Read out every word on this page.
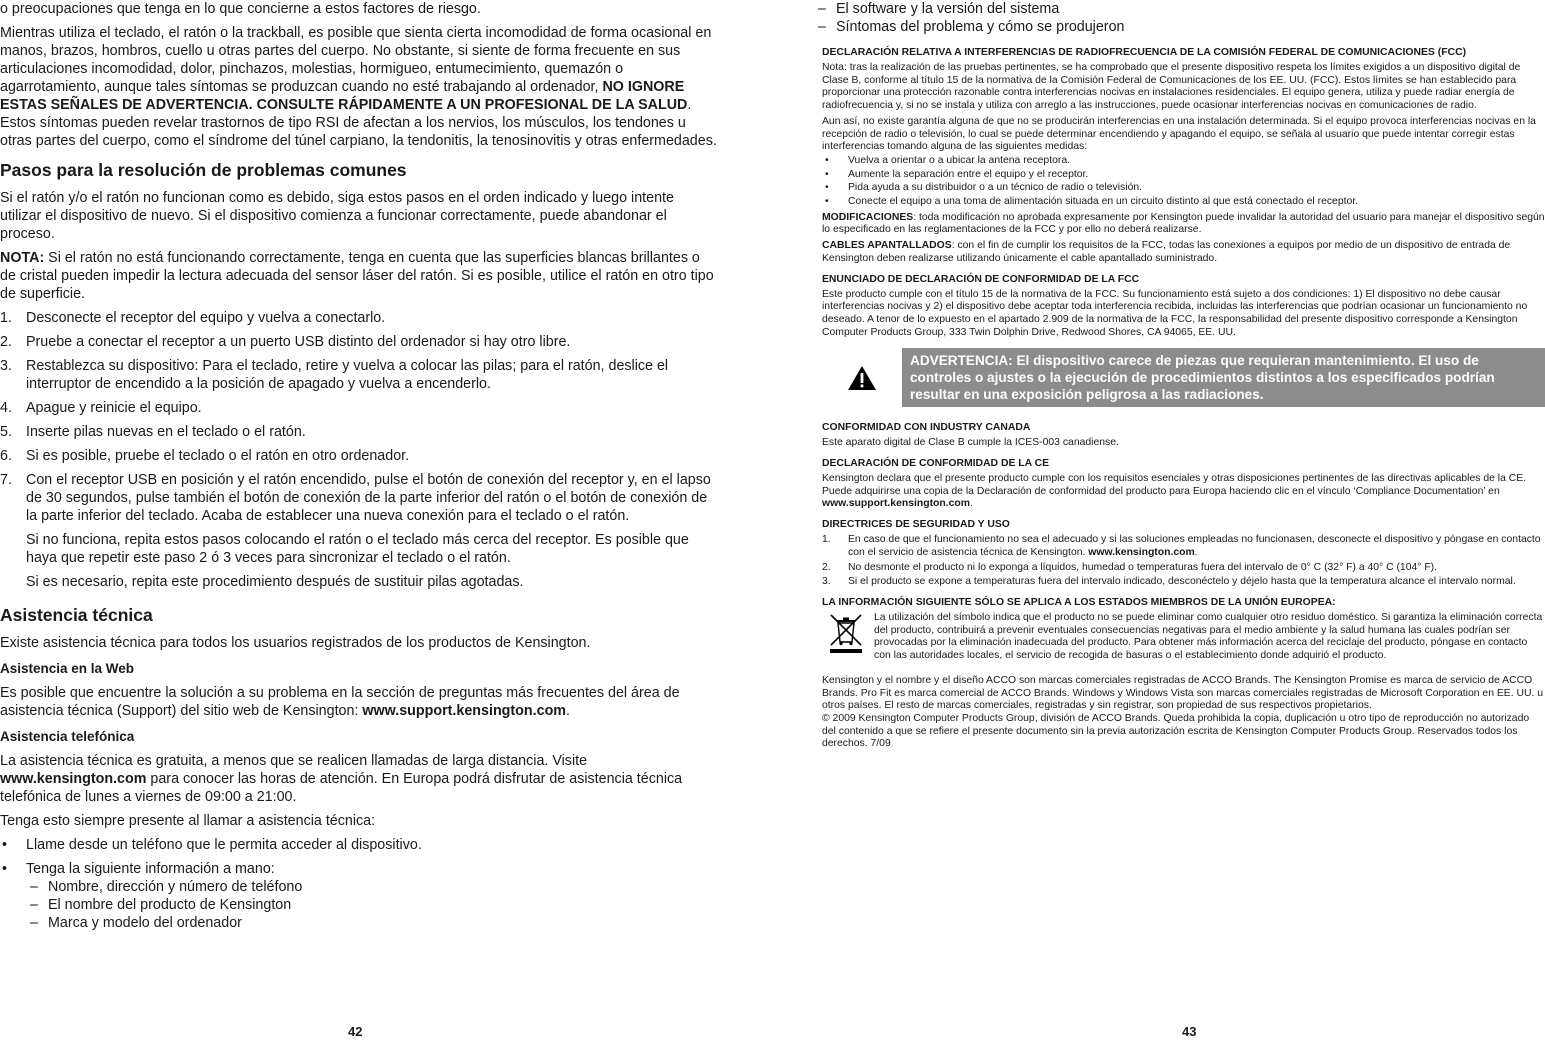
o preocupaciones que tenga en lo que concierne a estos factores de riesgo.

Mientras utiliza el teclado, el ratón o la trackball, es posible que sienta cierta incomodidad de forma ocasional en manos, brazos, hombros, cuello u otras partes del cuerpo. No obstante, si siente de forma frecuente en sus articulaciones incomodidad, dolor, pinchazos, molestias, hormigueo, entumecimiento, quemazón o agarrotamiento, aunque tales síntomas se produzcan cuando no esté trabajando al ordenador, NO IGNORE ESTAS SEÑALES DE ADVERTENCIA. CONSULTE RÁPIDAMENTE A UN PROFESIONAL DE LA SALUD. Estos síntomas pueden revelar trastornos de tipo RSI de afectan a los nervios, los músculos, los tendones u otras partes del cuerpo, como el síndrome del túnel carpiano, la tendonitis, la tenosinovitis y otras enfermedades.

Pasos para la resolución de problemas comunes

Si el ratón y/o el ratón no funcionan como es debido, siga estos pasos en el orden indicado y luego intente utilizar el dispositivo de nuevo. Si el dispositivo comienza a funcionar correctamente, puede abandonar el proceso.

NOTA: Si el ratón no está funcionando correctamente, tenga en cuenta que las superficies blancas brillantes o de cristal pueden impedir la lectura adecuada del sensor láser del ratón. Si es posible, utilice el ratón en otro tipo de superficie.

1. Desconecte el receptor del equipo y vuelva a conectarlo.
2. Pruebe a conectar el receptor a un puerto USB distinto del ordenador si hay otro libre.
3. Restablezca su dispositivo: Para el teclado, retire y vuelva a colocar las pilas; para el ratón, deslice el interruptor de encendido a la posición de apagado y vuelva a encenderlo.
4. Apague y reinicie el equipo.
5. Inserte pilas nuevas en el teclado o el ratón.
6. Si es posible, pruebe el teclado o el ratón en otro ordenador.
7. Con el receptor USB en posición y el ratón encendido, pulse el botón de conexión del receptor y, en el lapso de 30 segundos, pulse también el botón de conexión de la parte inferior del ratón o el botón de conexión de la parte inferior del teclado. Acaba de establecer una nueva conexión para el teclado o el ratón.

Si no funciona, repita estos pasos colocando el ratón o el teclado más cerca del receptor. Es posible que haya que repetir este paso 2 ó 3 veces para sincronizar el teclado o el ratón.

Si es necesario, repita este procedimiento después de sustituir pilas agotadas.

Asistencia técnica

Existe asistencia técnica para todos los usuarios registrados de los productos de Kensington.

Asistencia en la Web

Es posible que encuentre la solución a su problema en la sección de preguntas más frecuentes del área de asistencia técnica (Support) del sitio web de Kensington: www.support.kensington.com.

Asistencia telefónica

La asistencia técnica es gratuita, a menos que se realicen llamadas de larga distancia. Visite www.kensington.com para conocer las horas de atención. En Europa podrá disfrutar de asistencia técnica telefónica de lunes a viernes de 09:00 a 21:00.

Tenga esto siempre presente al llamar a asistencia técnica:

• Llame desde un teléfono que le permita acceder al dispositivo.
• Tenga la siguiente información a mano:
– Nombre, dirección y número de teléfono
– El nombre del producto de Kensington
– Marca y modelo del ordenador
42
– El software y la versión del sistema
– Síntomas del problema y cómo se produjeron
DECLARACIÓN RELATIVA A INTERFERENCIAS DE RADIOFRECUENCIA DE LA COMISIÓN FEDERAL DE COMUNICACIONES (FCC)

Nota: tras la realización de las pruebas pertinentes, se ha comprobado que el presente dispositivo respeta los límites exigidos a un dispositivo digital de Clase B, conforme al título 15 de la normativa de la Comisión Federal de Comunicaciones de los EE. UU. (FCC). Estos límites se han establecido para proporcionar una protección razonable contra interferencias nocivas en instalaciones residenciales. El equipo genera, utiliza y puede radiar energía de radiofrecuencia y, si no se instala y utiliza con arreglo a las instrucciones, puede ocasionar interferencias nocivas en comunicaciones de radio.

Aun así, no existe garantía alguna de que no se producirán interferencias en una instalación determinada. Si el equipo provoca interferencias nocivas en la recepción de radio o televisión, lo cual se puede determinar encendiendo y apagando el equipo, se señala al usuario que puede intentar corregir estas interferencias tomando alguna de las siguientes medidas:

• Vuelva a orientar o a ubicar la antena receptora.
• Aumente la separación entre el equipo y el receptor.
• Pida ayuda a su distribuidor o a un técnico de radio o televisión.
• Conecte el equipo a una toma de alimentación situada en un circuito distinto al que está conectado el receptor.

MODIFICACIONES: toda modificación no aprobada expresamente por Kensington puede invalidar la autoridad del usuario para manejar el dispositivo según lo especificado en las reglamentaciones de la FCC y por ello no deberá realizarse.

CABLES APANTALLADOS: con el fin de cumplir los requisitos de la FCC, todas las conexiones a equipos por medio de un dispositivo de entrada de Kensington deben realizarse utilizando únicamente el cable apantallado suministrado.

ENUNCIADO DE DECLARACIÓN DE CONFORMIDAD DE LA FCC

Este producto cumple con el título 15 de la normativa de la FCC. Su funcionamiento está sujeto a dos condiciones: 1) El dispositivo no debe causar interferencias nocivas y 2) el dispositivo debe aceptar toda interferencia recibida, incluidas las interferencias que podrían ocasionar un funcionamiento no deseado. A tenor de lo expuesto en el apartado 2.909 de la normativa de la FCC, la responsabilidad del presente dispositivo corresponde a Kensington Computer Products Group, 333 Twin Dolphin Drive, Redwood Shores, CA 94065, EE. UU.

ADVERTENCIA: El dispositivo carece de piezas que requieran mantenimiento. El uso de controles o ajustes o la ejecución de procedimientos distintos a los especificados podrían resultar en una exposición peligrosa a las radiaciones.
CONFORMIDAD CON INDUSTRY CANADA

Este aparato digital de Clase B cumple la ICES-003 canadiense.

DECLARACIÓN DE CONFORMIDAD DE LA CE

Kensington declara que el presente producto cumple con los requisitos esenciales y otras disposiciones pertinentes de las directivas aplicables de la CE. Puede adquirirse una copia de la Declaración de conformidad del producto para Europa haciendo clic en el vínculo ‘Compliance Documentation’ en www.support.kensington.com.

DIRECTRICES DE SEGURIDAD Y USO
1. En caso de que el funcionamiento no sea el adecuado y si las soluciones empleadas no funcionasen, desconecte el dispositivo y póngase en contacto con el servicio de asistencia técnica de Kensington. www.kensington.com.
2. No desmonte el producto ni lo exponga a líquidos, humedad o temperaturas fuera del intervalo de 0° C (32° F) a 40° C (104° F).
3. Si el producto se expone a temperaturas fuera del intervalo indicado, desconéctelo y déjelo hasta que la temperatura alcance el intervalo normal.
LA INFORMACIÓN SIGUIENTE SÓLO SE APLICA A LOS ESTADOS MIEMBROS DE LA UNIÓN EUROPEA:

La utilización del símbolo indica que el producto no se puede eliminar como cualquier otro residuo doméstico. Si garantiza la eliminación correcta del producto, contribuirá a prevenir eventuales consecuencias negativas para el medio ambiente y la salud humana las cuales podrían ser provocadas por la eliminación inadecuada del producto. Para obtener más información acerca del reciclaje del producto, póngase en contacto con las autoridades locales, el servicio de recogida de basuras o el establecimiento donde adquirió el producto.

Kensington y el nombre y el diseño ACCO son marcas comerciales registradas de ACCO Brands. The Kensington Promise es marca de servicio de ACCO Brands. Pro Fit es marca comercial de ACCO Brands. Windows y Windows Vista son marcas comerciales registradas de Microsoft Corporation en EE. UU. u otros países. El resto de marcas comerciales, registradas y sin registrar, son propiedad de sus respectivos propietarios.

© 2009 Kensington Computer Products Group, división de ACCO Brands. Queda prohibida la copia, duplicación u otro tipo de reproducción no autorizado del contenido a que se refiere el presente documento sin la previa autorización escrita de Kensington Computer Products Group. Reservados todos los derechos. 7/09

43
